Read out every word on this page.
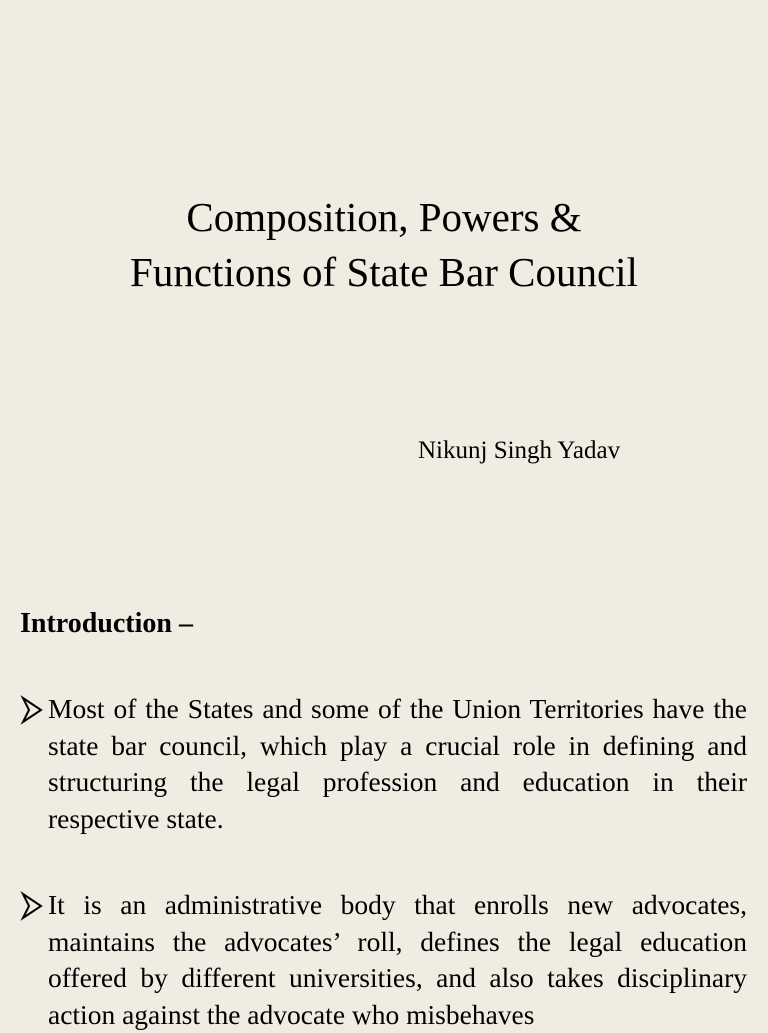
Composition, Powers &
Functions of State Bar Council
Nikunj Singh Yadav
Introduction –
Most of the States and some of the Union Territories have the state bar council, which play a crucial role in defining and structuring the legal profession and education in their respective state.
It is an administrative body that enrolls new advocates, maintains the advocates’ roll, defines the legal education offered by different universities, and also takes disciplinary action against the advocate who misbehaves
